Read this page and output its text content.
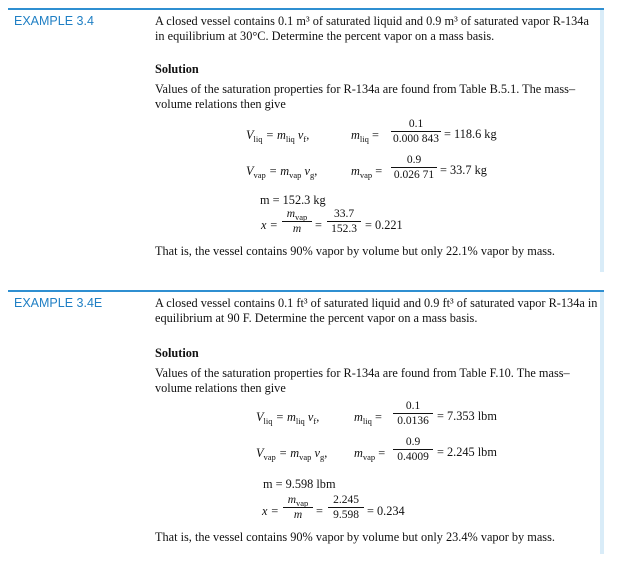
EXAMPLE 3.4	A closed vessel contains 0.1 m³ of saturated liquid and 0.9 m³ of saturated vapor R-134a in equilibrium at 30°C. Determine the percent vapor on a mass basis.
Solution
Values of the saturation properties for R-134a are found from Table B.5.1. The mass–volume relations then give
$V_{liq} = m_{liq}$ $v_f$,	$m_{liq} = \frac{0.1}{0.000 843} = 118.6$ kg
$V_{vap} = m_{vap}$ $v_g$,	$m_{vap} = \frac{0.9}{0.026 71} = 33.7$ kg
m = 152.3 kg
x =
$m_{vap}$
m	= $\frac{33.7}{152.3} = 0.221$
That is, the vessel contains 90% vapor by volume but only 22.1% vapor by mass.
EXAMPLE 3.4E	A closed vessel contains 0.1 ft³ of saturated liquid and 0.9 ft³ of saturated vapor R-134a in equilibrium at 90 F. Determine the percent vapor on a mass basis.
Solution
Values of the saturation properties for R-134a are found from Table F.10. The mass–volume relations then give
$V_{liq} = m_{liq}$ $v_f$,	$m_{liq} = \frac{0.1}{0.0136} = 7.353$ lbm
$V_{vap} = m_{vap}$ $v_g$, $m_{vap} = \frac{0.9}{0.4009} = 2.245$ lbm
m = 9.598 lbm
x =
$m_{vap}$
m	= $\frac{2.245}{9.598} = 0.234$
That is, the vessel contains 90% vapor by volume but only 23.4% vapor by mass.
